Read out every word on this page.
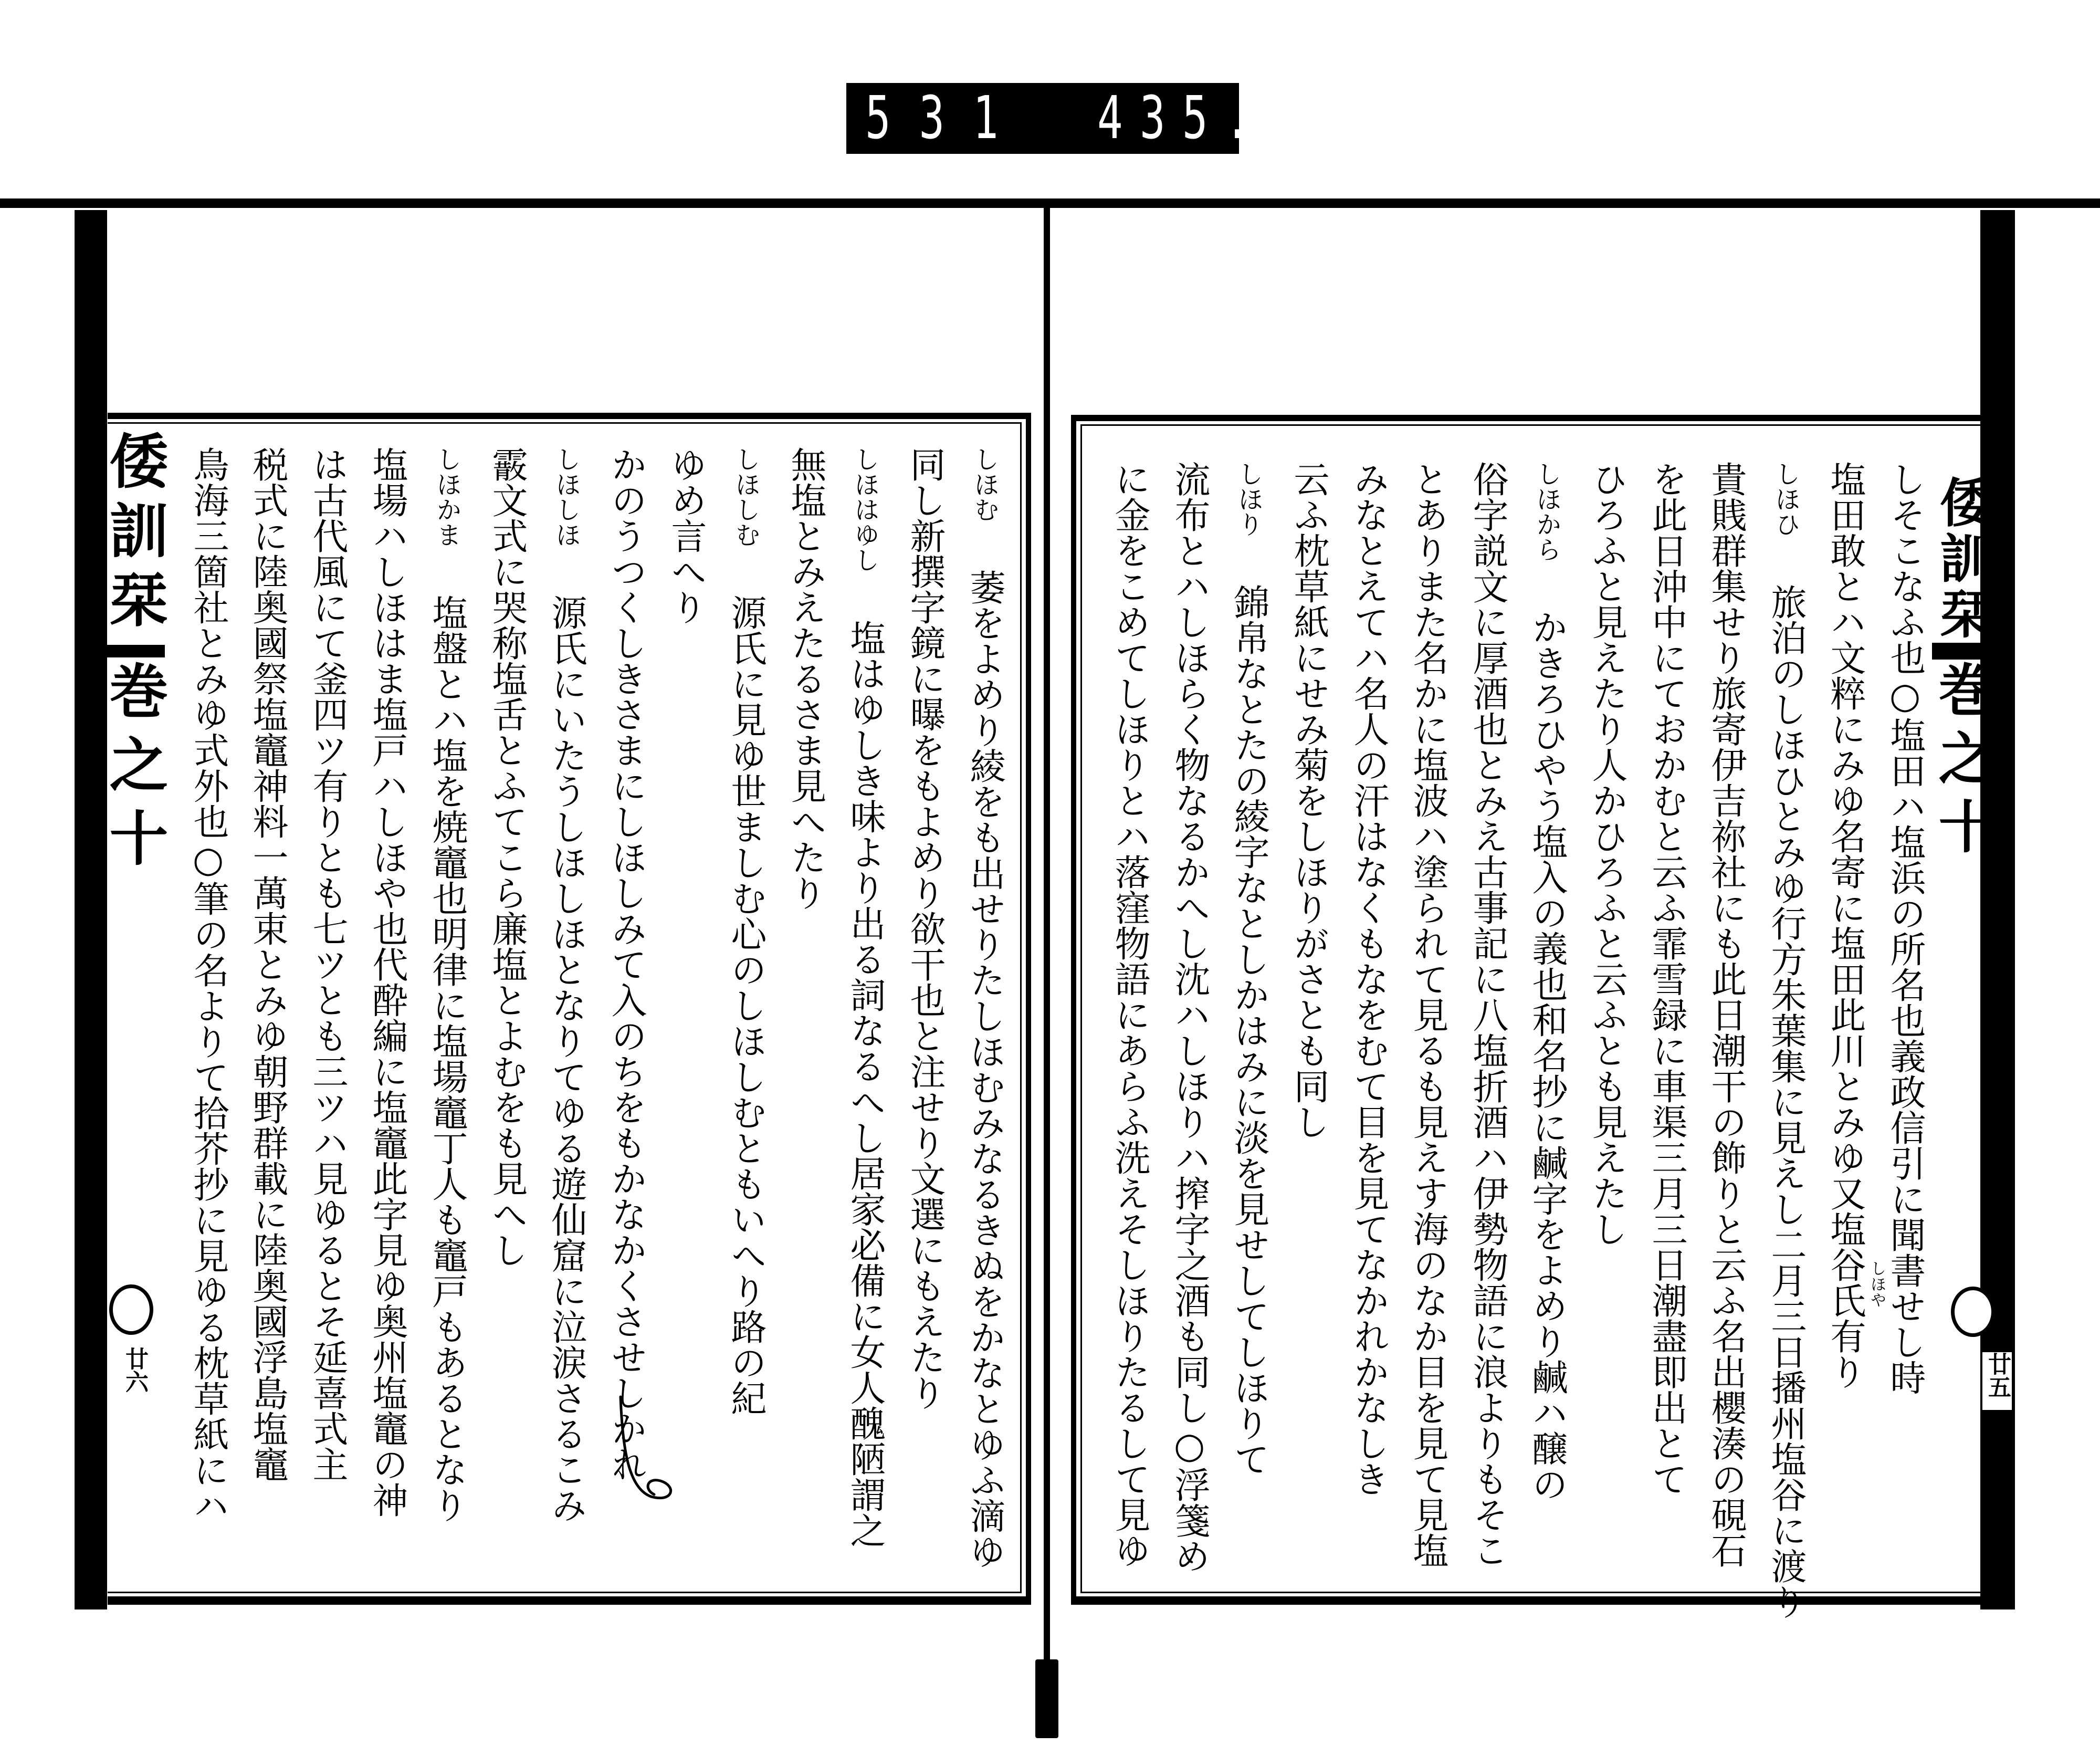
531 435.
倭訓栞
巻之十
倭訓栞
巻之十
廿六	廿五
しそこなふ也○塩田ハ塩浜の所名也義政信引に聞書せし時
塩田敢とハ文粹にみゆ名寄に塩田此川とみゆ又塩谷氏有り
しほひ旅泊のしほひとみゆ行方朱葉集に見えし二月三日播州塩谷に渡り
貴賎群集せり旅寄伊吉祢社にも此日潮干の飾りと云ふ名出櫻湊の硯石
を此日沖中にておかむと云ふ霏雪録に車渠三月三日潮盡即出とて
ひろふと見えたり人かひろふと云ふとも見えたし
しほからかきろひやう塩入の義也和名抄に鹹字をよめり鹹ハ醸の
俗字説文に厚酒也とみえ古事記に八塩折酒ハ伊勢物語に浪よりもそこ
とありまた名かに塩波ハ塗られて見るも見えす海のなか目を見て見塩
みなとえてハ名人の汗はなくもなをむて目を見てなかれかなしき
云ふ枕草紙にせみ菊をしほりがさとも同し
しほり錦帛なとたの綾字なとしかはみに淡を見せしてしほりて
流布とハしほらく物なるかへし沈ハしほりハ搾字之酒も同し○浮箋め
に金をこめてしほりとハ落窪物語にあらふ洗えそしほりたるして見ゆ
しほむ萎をよめり綾をも出せりたしほむみなるきぬをかなとゆふ滴ゆ
同し新撰字鏡に曝をもよめり欲干也と注せり文選にもえたり
しほはゆし塩はゆしき味より出る詞なるへし居家必備に女人醜陋謂之
無塩とみえたるさま見へたり
しほしむ源氏に見ゆ世ましむ心のしほしむともいへり路の紀
ゆめ言へり
かのうつくしきさまにしほしみて入のちをもかなかくさせしかれ
しほしほ源氏にいたうしほしほとなりてゆる遊仙窟に泣涙さるこみ
霰文式に哭称塩舌とふてこら廉塩とよむをも見へし
しほかま塩盤とハ塩を焼竈也明律に塩場竈丁人も竈戸もあるとなり
塩場ハしほはま塩戸ハしほや也代酔編に塩竈此字見ゆ奥州塩竈の神
は古代風にて釜四ツ有りとも七ツとも三ツハ見ゆるとそ延喜式主
税式に陸奥國祭塩竈神料一萬束とみゆ朝野群載に陸奥國浮島塩竈
鳥海三箇社とみゆ式外也○筆の名よりて拾芥抄に見ゆる枕草紙にハ	しほや
